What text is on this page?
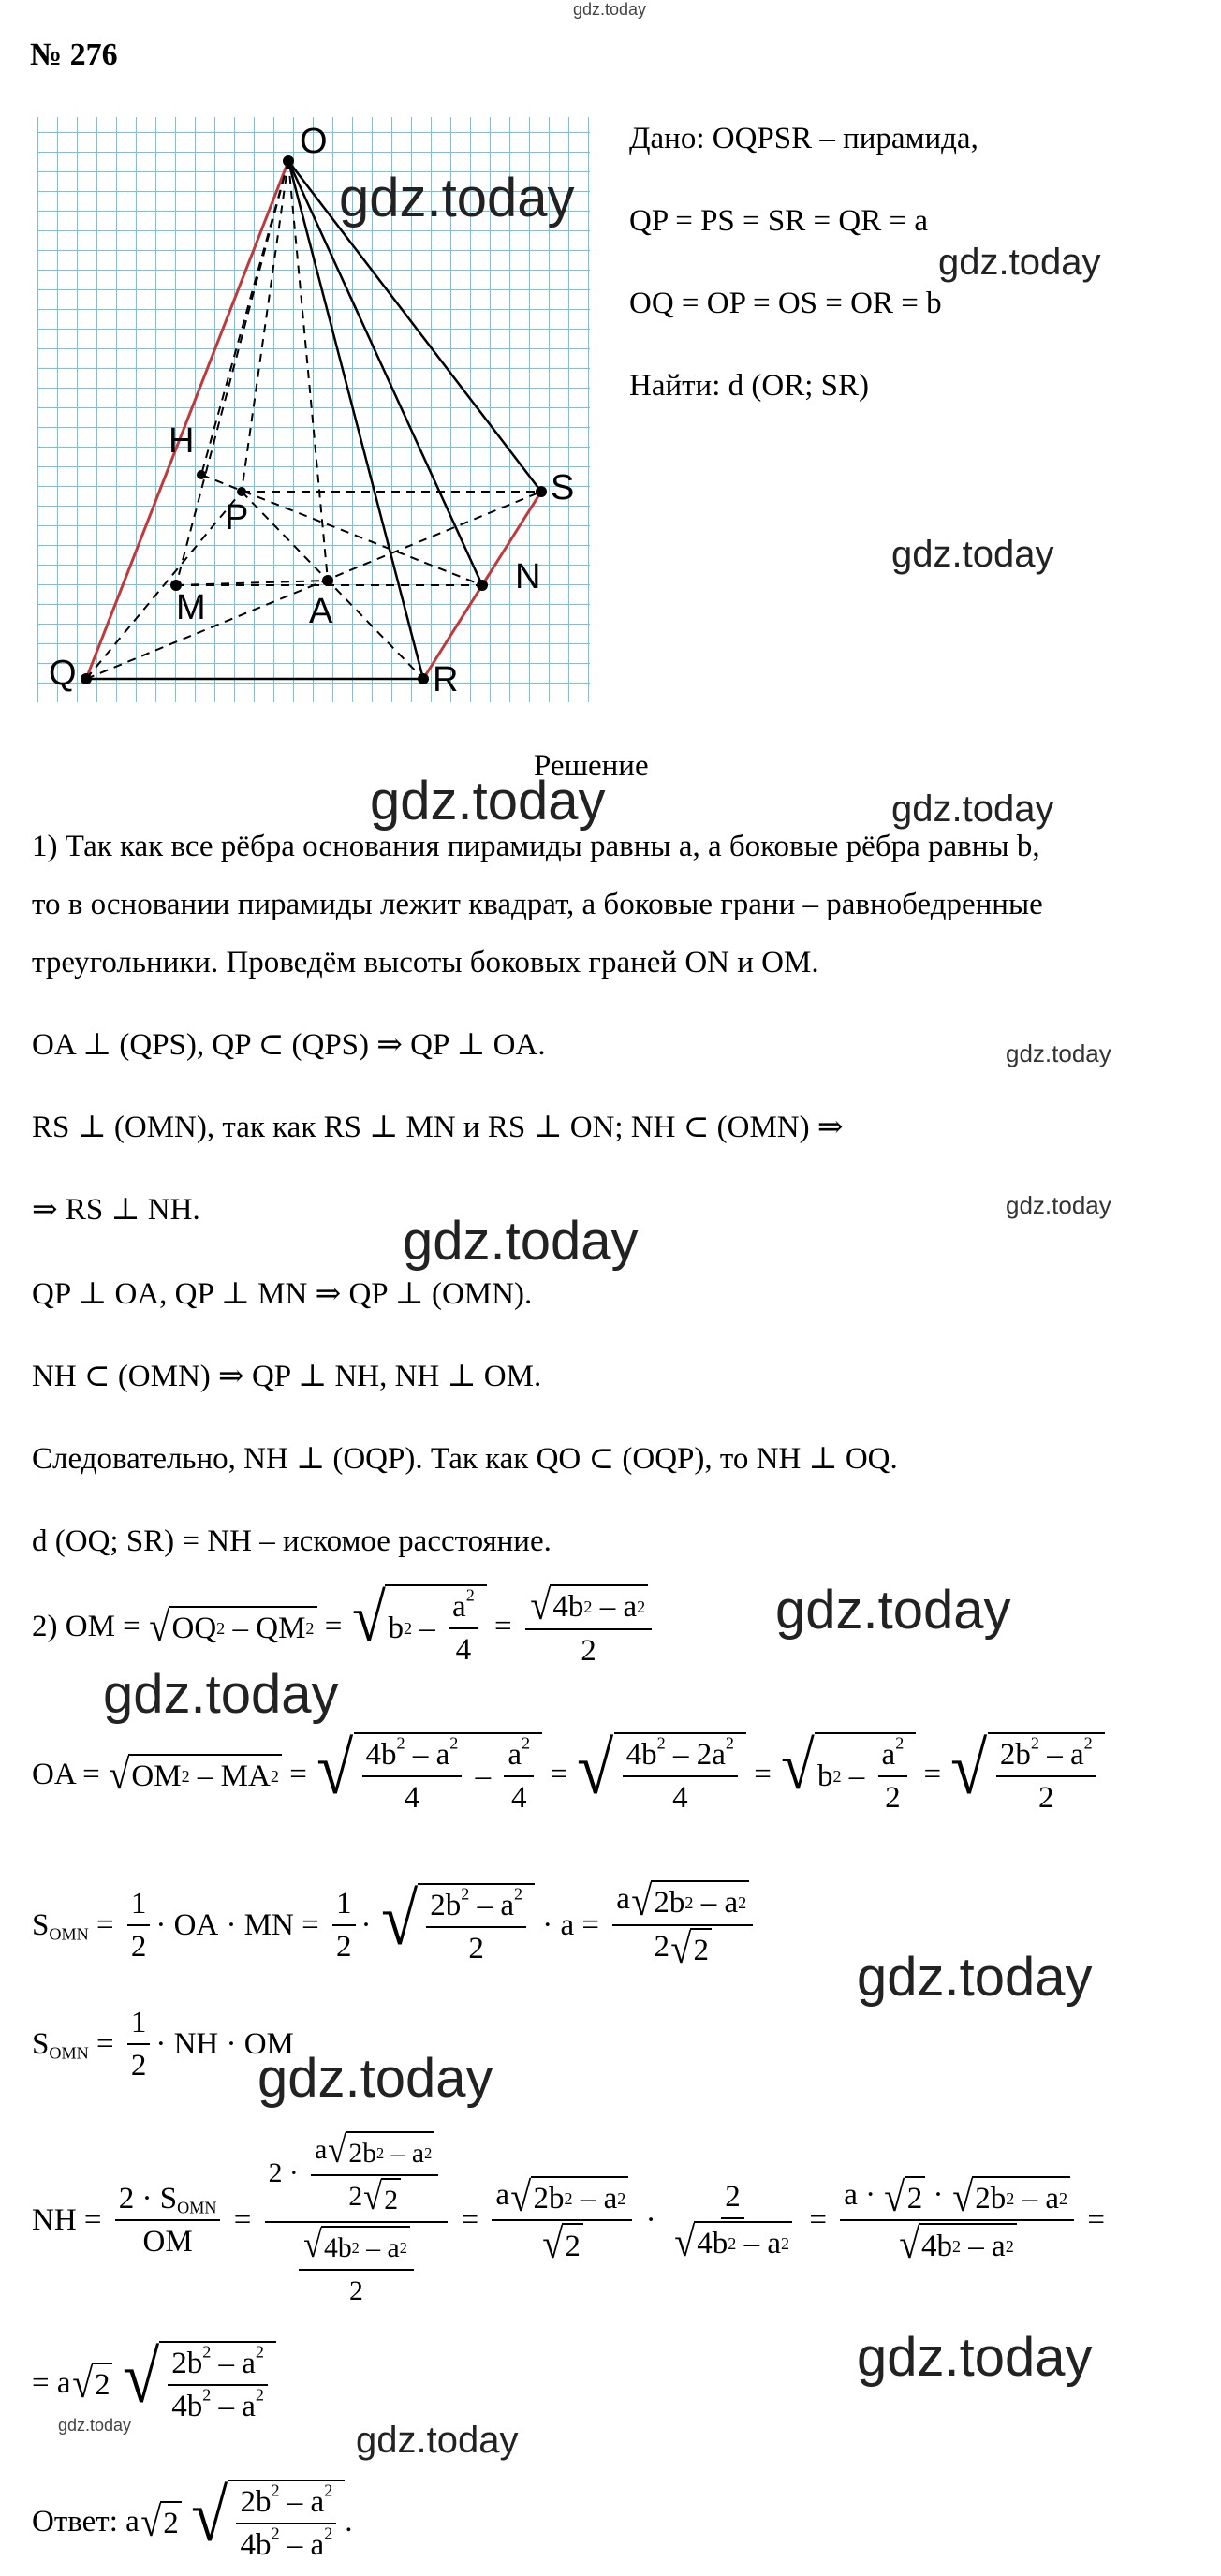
gdz.today
№ 276
O
H
P
S
M	A
N
Q	R
Дано: OQPSR – пирамида,
QP = PS = SR = QR = a
OQ = OP = OS = OR = b
Найти: d (OR; SR)
gdz.today
gdz.today
gdz.today
Решение
gdz.today	gdz.today
1) Так как все рёбра основания пирамиды равны a, а боковые рёбра равны b,
то в основании пирамиды лежит квадрат, а боковые грани – равнобедренные
треугольники. Проведём высоты боковых граней ON и OM.
OA ⊥ (QPS), QP ⊂ (QPS) ⇒ QP ⊥ OA.	gdz.today
RS ⊥ (OMN), так как RS ⊥ MN и RS ⊥ ON; NH ⊂ (OMN) ⇒
⇒ RS ⊥ NH.	gdz.today
gdz.today
QP ⊥ OA, QP ⊥ MN ⇒ QP ⊥ (OMN).
NH ⊂ (OMN) ⇒ QP ⊥ NH, NH ⊥ OM.
Следовательно, NH ⊥ (OQP). Так как QO ⊂ (OQP), то NH ⊥ OQ.
d (OQ; SR) = NH – искомое расстояние.
2) OM = √ OQ 2 – QM 2 = √ b $2 - \frac{a^2}{4} = \frac{√ 4b 2 - a 2}{2}$ gdz.today
gdz.today
OA = √ OM 2 – MA 2 = √ $\frac{4b^2 - a^2}{4} - \frac{a^2}{4}$ = √ $\frac{4b^2 - 2a^2}{4}$ = √ b $2 - \frac{a^2}{2}$ = √ $\frac{2b^2 - a^2}{2}$
$S_{OMN} = \frac{1}{2}$ · OA · MN = $\frac{1}{2}$ · √ $\frac{2b^2 - a^2}{2} \cdot a = \frac{a √ 2b 2 - a 2}{2 √ 2}$
gdz.today
$S_{OMN} = \frac{1}{2}$ · NH · OM
gdz.today
NH = $\frac{2 \cdot S_{OMN}}{OM} = \frac{2 \cdot \frac{a √ 2b 2 - a 2}{2 √ 2}}{\frac{√ 4b 2 - a 2}{2}} = \frac{a √ 2b 2 - a 2}{√ 2} \cdot \frac{2}{√ 4b 2 - a 2} = \frac{a \cdot √ 2 \cdot √ 2b 2 - a 2}{√ 4b 2 - a 2}$ =
= a √ 2
√ $\frac{2b^2 - a^2}{4b^2 - a^2}$	gdz.today
gdz.today	gdz.today
Ответ: a √ 2
√ $\frac{2b^2 - a^2}{4b^2 - a^2}$ .
